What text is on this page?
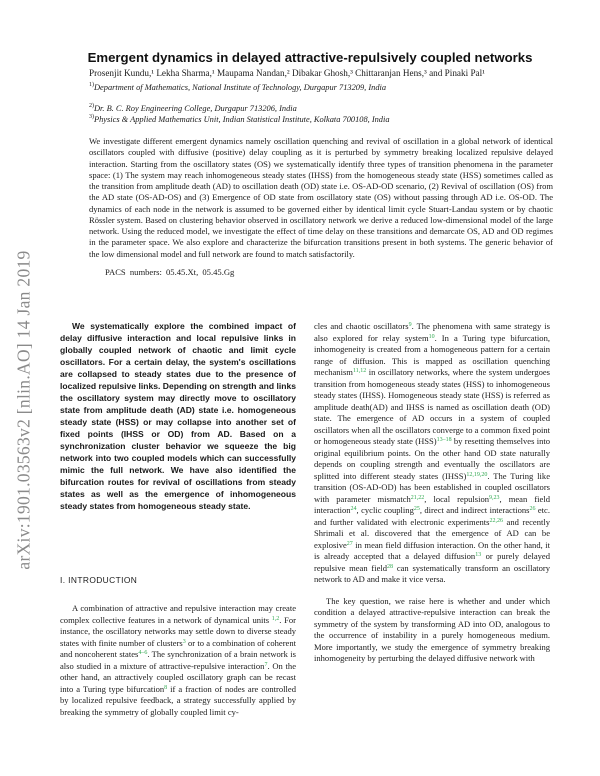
arXiv:1901.03563v2 [nlin.AO] 14 Jan 2019
Emergent dynamics in delayed attractive-repulsively coupled networks
Prosenjit Kundu,¹ Lekha Sharma,¹ Maupama Nandan,² Dibakar Ghosh,³ Chittaranjan Hens,³ and Pinaki Pal¹
$^{1)}$Department of Mathematics, National Institute of Technology, Durgapur 713209, India
$^{2)}$Dr. B. C. Roy Engineering College, Durgapur 713206, India
$^{3)}$Physics & Applied Mathematics Unit, Indian Statistical Institute, Kolkata 700108, India
We investigate different emergent dynamics namely oscillation quenching and revival of oscillation in a global network of identical oscillators coupled with diffusive (positive) delay coupling as it is perturbed by symmetry breaking localized repulsive delayed interaction. Starting from the oscillatory states (OS) we systematically identify three types of transition phenomena in the parameter space: (1) The system may reach inhomogeneous steady states (IHSS) from the homogeneous steady state (HSS) sometimes called as the transition from amplitude death (AD) to oscillation death (OD) state i.e. OS-AD-OD scenario, (2) Revival of oscillation (OS) from the AD state (OS-AD-OS) and (3) Emergence of OD state from oscillatory state (OS) without passing through AD i.e. OS-OD. The dynamics of each node in the network is assumed to be governed either by identical limit cycle Stuart-Landau system or by chaotic Rössler system. Based on clustering behavior observed in oscillatory network we derive a reduced low-dimensional model of the large network. Using the reduced model, we investigate the effect of time delay on these transitions and demarcate OS, AD and OD regimes in the parameter space. We also explore and characterize the bifurcation transitions present in both systems. The generic behavior of the low dimensional model and full network are found to match satisfactorily.
PACS numbers: 05.45.Xt, 05.45.Gg

We systematically explore the combined impact of delay diffusive interaction and local repulsive links in globally coupled network of chaotic and limit cycle oscillators. For a certain delay, the system's oscillations are collapsed to steady states due to the presence of localized repulsive links. Depending on strength and links the oscillatory system may directly move to oscillatory state from amplitude death (AD) state i.e. homogeneous steady state (HSS) or may collapse into another set of fixed points (IHSS or OD) from AD. Based on a synchronization cluster behavior we squeeze the big network into two coupled models which can successfully mimic the full network. We have also identified the bifurcation routes for revival of oscillations from steady states as well as the emergence of inhomogeneous steady states from homogeneous steady state.

I. INTRODUCTION

A combination of attractive and repulsive interaction may create complex collective features in a network of dynamical units $^{1,2}$. For instance, the oscillatory networks may settle down to diverse steady states with finite number of clusters$^3$ or to a combination of coherent and noncoherent states$^{4-6}$. The synchronization of a brain network is also studied in a mixture of attractive-repulsive interaction$^7$. On the other hand, an attractively coupled oscillatory graph can be recast into a Turing type bifurcation$^8$ if a fraction of nodes are controlled by localized repulsive feedback, a strategy successfully applied by breaking the symmetry of globally coupled limit cy-

cles and chaotic oscillators$^9$. The phenomena with same strategy is also explored for relay system$^{10}$. In a Turing type bifurcation, inhomogeneity is created from a homogeneous pattern for a certain range of diffusion. This is mapped as oscillation quenching mechanism$^{11,12}$ in oscillatory networks, where the system undergoes transition from homogeneous steady states (HSS) to inhomogeneous steady states (IHSS). Homogeneous steady state (HSS) is referred as amplitude death(AD) and IHSS is named as oscillation death (OD) state. The emergence of AD occurs in a system of coupled oscillators when all the oscillators converge to a common fixed point or homogeneous steady state (HSS)$^{13-18}$ by resetting themselves into original equilibrium points. On the other hand OD state naturally depends on coupling strength and eventually the oscillators are splitted into different steady states (IHSS)$^{12,19,20}$. The Turing like transition (OS-AD-OD) has been established in coupled oscillators with parameter mismatch$^{21,22}$, local repulsion$^{9,23}$, mean field interaction$^{24}$, cyclic coupling$^{25}$, direct and indirect interactions$^{26}$ etc. and further validated with electronic experiments$^{22,26}$ and recently Shrimali et al. discovered that the emergence of AD can be explosive$^{27}$ in mean field diffusion interaction. On the other hand, it is already accepted that a delayed diffusion$^{13}$ or purely delayed repulsive mean field$^{28}$ can systematically transform an oscillatory network to AD and make it vice versa.

The key question, we raise here is whether and under which condition a delayed attractive-repulsive interaction can break the symmetry of the system by transforming AD into OD, analogous to the occurrence of instability in a purely homogeneous medium. More importantly, we study the emergence of symmetry breaking inhomogeneity by perturbing the delayed diffusive network with
